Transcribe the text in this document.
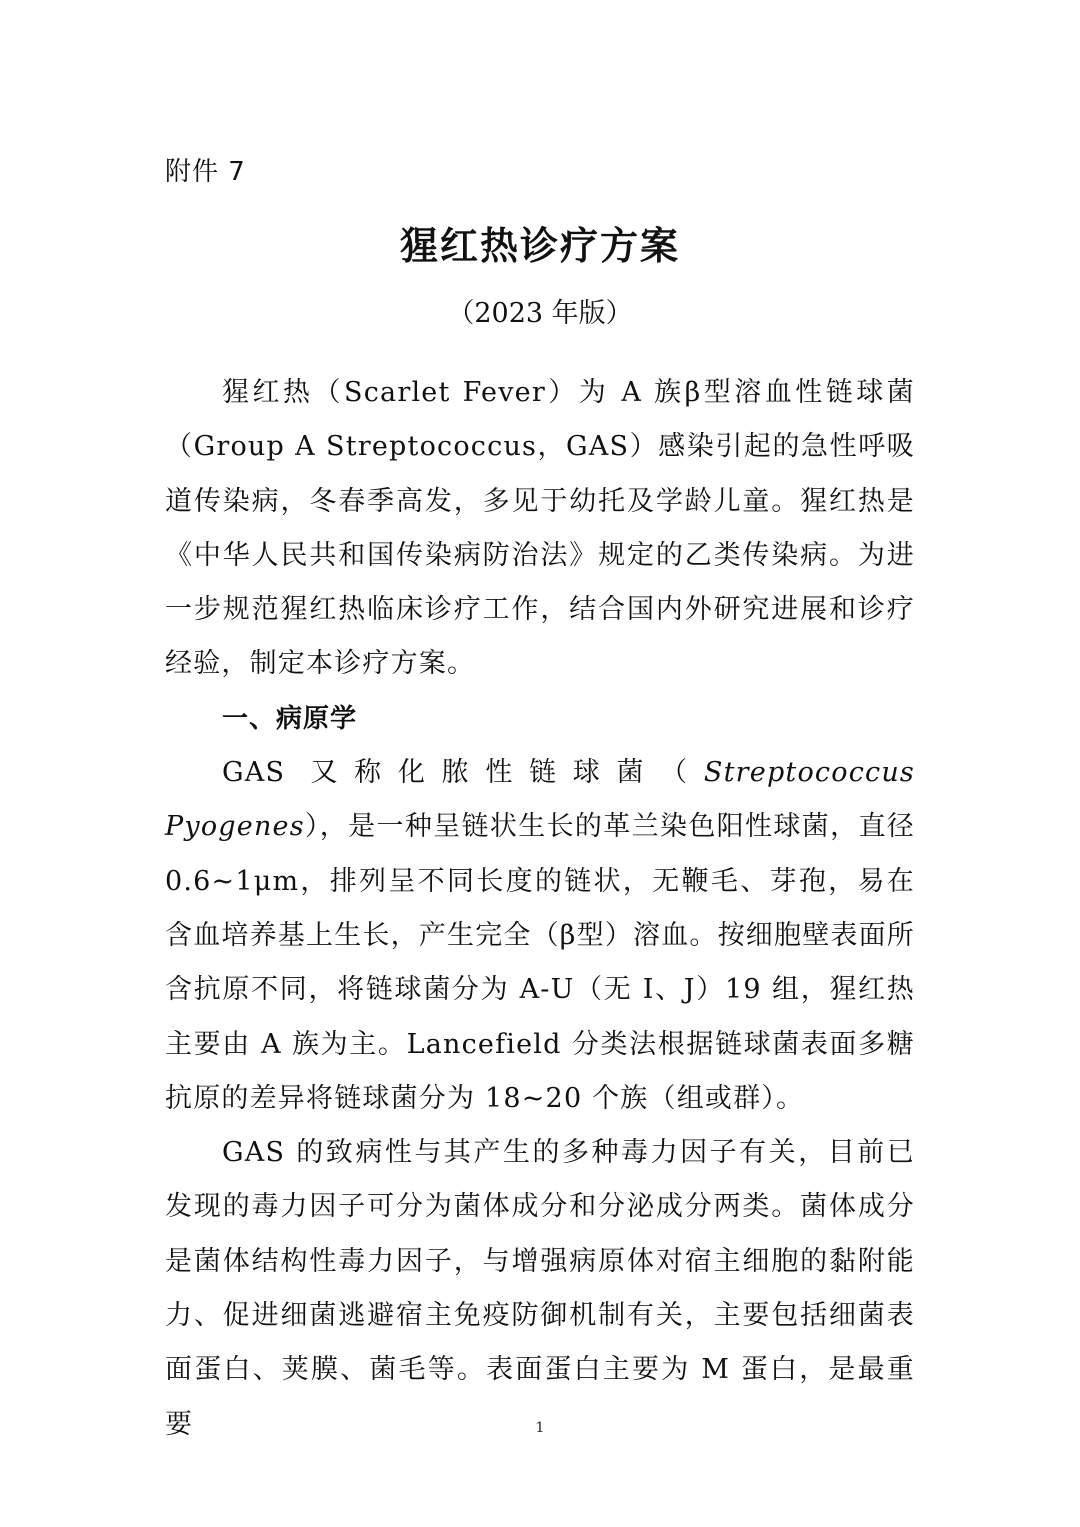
附件 7
猩红热诊疗方案
（2023 年版）

猩红热（Scarlet Fever）为 A 族β型溶血性链球菌（Group A Streptococcus，GAS）感染引起的急性呼吸道传染病，冬春季高发，多见于幼托及学龄儿童。猩红热是《中华人民共和国传染病防治法》规定的乙类传染病。为进一步规范猩红热临床诊疗工作，结合国内外研究进展和诊疗经验，制定本诊疗方案。

一、病原学

GAS 又称化脓性链球菌（Streptococcus Pyogenes），是一种呈链状生长的革兰染色阳性球菌，直径 0.6~1μm，排列呈不同长度的链状，无鞭毛、芽孢，易在含血培养基上生长，产生完全（β型）溶血。按细胞壁表面所含抗原不同，将链球菌分为 A-U（无 I、J）19 组，猩红热主要由 A 族为主。Lancefield 分类法根据链球菌表面多糖抗原的差异将链球菌分为 18~20 个族（组或群）。

GAS 的致病性与其产生的多种毒力因子有关，目前已发现的毒力因子可分为菌体成分和分泌成分两类。菌体成分是菌体结构性毒力因子，与增强病原体对宿主细胞的黏附能力、促进细菌逃避宿主免疫防御机制有关，主要包括细菌表面蛋白、荚膜、菌毛等。表面蛋白主要为 M 蛋白，是最重要	1
